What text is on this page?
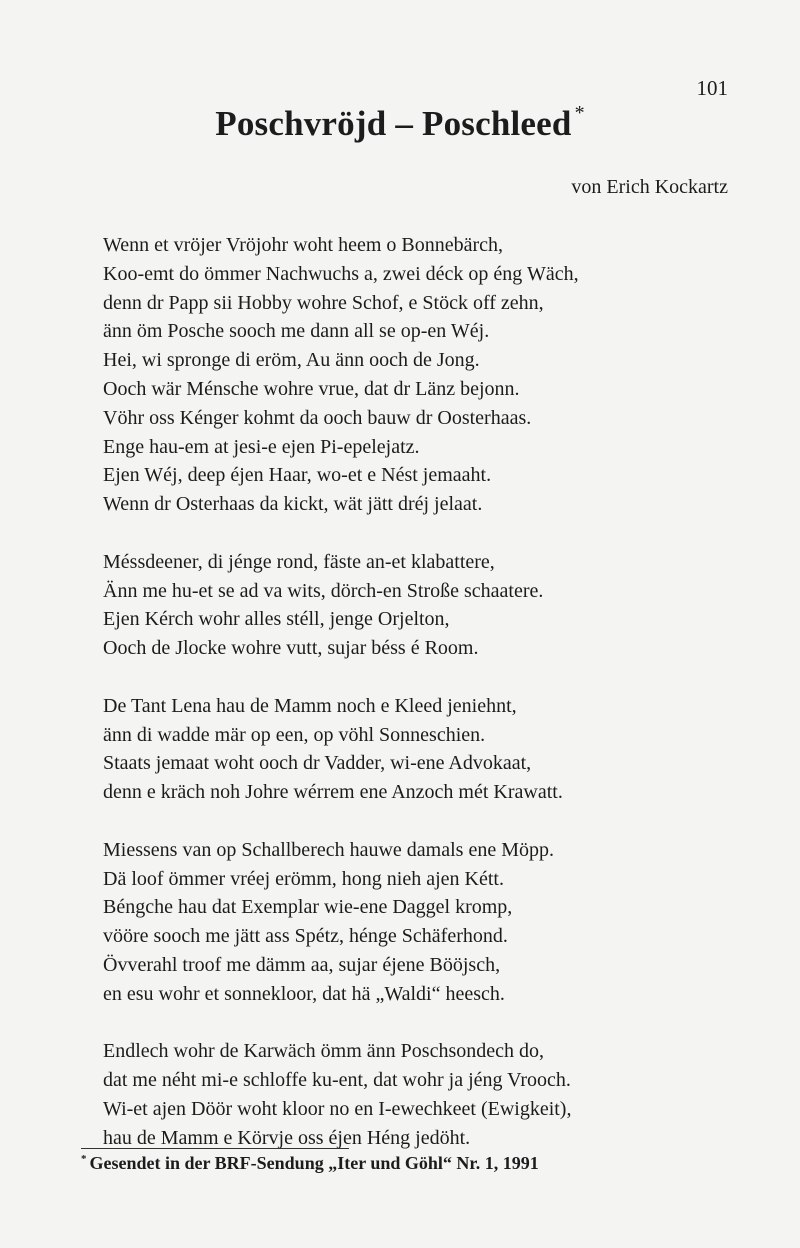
101
Poschvröjd – Poschleed *
von Erich Kockartz
Wenn et vröjer Vröjohr woht heem o Bonnebärch,
Koo-emt do ömmer Nachwuchs a, zwei déck op éng Wäch,
denn dr Papp sii Hobby wohre Schof, e Stöck off zehn,
änn öm Posche sooch me dann all se op-en Wéj.
Hei, wi spronge di eröm, Au änn ooch de Jong.
Ooch wär Ménsche wohre vrue, dat dr Länz bejonn.
Vöhr oss Kénger kohmt da ooch bauw dr Oosterhaas.
Enge hau-em at jesi-e ejen Pi-epelejatz.
Ejen Wéj, deep éjen Haar, wo-et e Nést jemaaht.
Wenn dr Osterhaas da kickt, wät jätt dréj jelaat.
Méssdeener, di jénge rond, fäste an-et klabattere,
Änn me hu-et se ad va wits, dörch-en Stroße schaatere.
Ejen Kérch wohr alles stéll, jenge Orjelton,
Ooch de Jlocke wohre vutt, sujar béss é Room.
De Tant Lena hau de Mamm noch e Kleed jeniehnt,
änn di wadde mär op een, op vöhl Sonneschien.
Staats jemaat woht ooch dr Vadder, wi-ene Advokaat,
denn e kräch noh Johre wérrem ene Anzoch mét Krawatt.
Miessens van op Schallberech hauwe damals ene Möpp.
Dä loof ömmer vréej erömm, hong nieh ajen Kétt.
Béngche hau dat Exemplar wie-ene Daggel kromp,
vööre sooch me jätt ass Spétz, hénge Schäferhond.
Övverahl troof me dämm aa, sujar éjene Bööjsch,
en esu wohr et sonnekloor, dat hä „Waldi“ heesch.
Endlech wohr de Karwäch ömm änn Poschsondech do,
dat me néht mi-e schloffe ku-ent, dat wohr ja jéng Vrooch.
Wi-et ajen Döör woht kloor no en I-ewechkeet (Ewigkeit),
hau de Mamm e Körvje oss éjen Héng jedöht.
* Gesendet in der BRF-Sendung „Iter und Göhl“ Nr. 1, 1991
